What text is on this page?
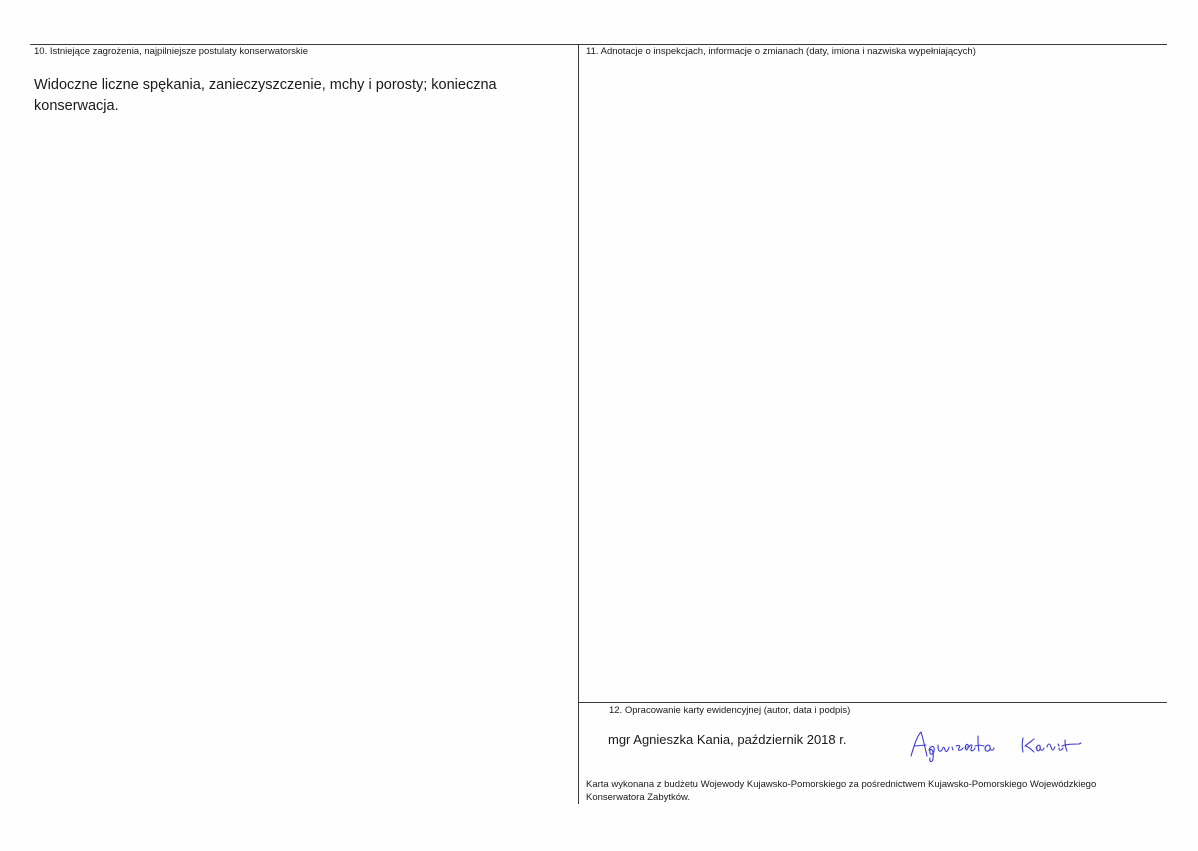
10. Istniejące zagrożenia, najpilniejsze postulaty konserwatorskie
Widoczne liczne spękania, zanieczyszczenie, mchy i porosty; konieczna konserwacja.
11. Adnotacje o inspekcjach, informacje o zmianach (daty, imiona i nazwiska wypełniających)
12. Opracowanie karty ewidencyjnej (autor, data i podpis)
mgr Agnieszka Kania, październik 2018 r.
Karta wykonana z budżetu Wojewody Kujawsko-Pomorskiego za pośrednictwem Kujawsko-Pomorskiego Wojewódzkiego Konserwatora Zabytków.
